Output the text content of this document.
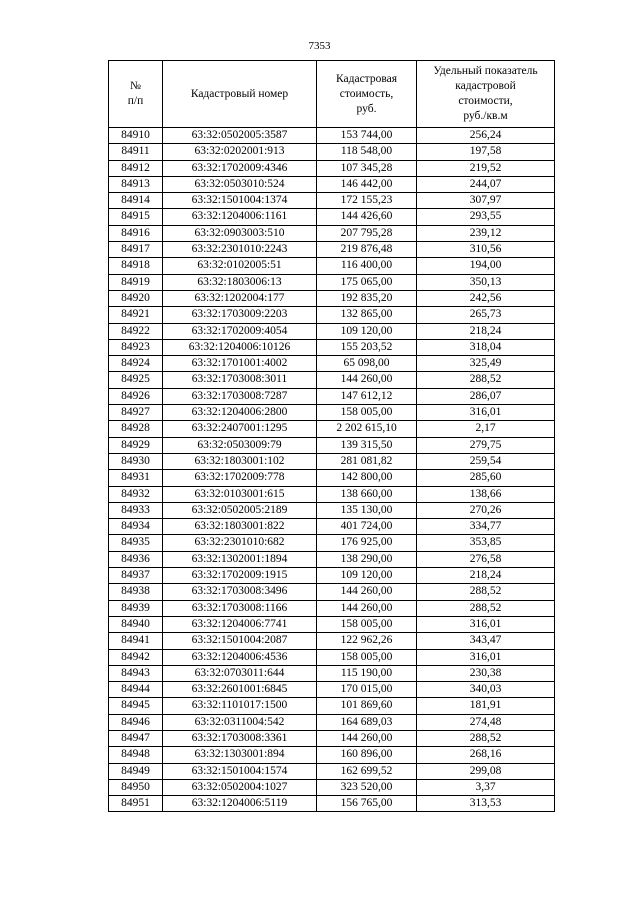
7353
№
п/п	Кадастровый номер	Кадастровая
стоимость,
руб.	Удельный показатель
кадастровой
стоимости,
руб./кв.м
84910	63:32:0502005:3587	153 744,00	256,24
84911	63:32:0202001:913	118 548,00	197,58
84912	63:32:1702009:4346	107 345,28	219,52
84913	63:32:0503010:524	146 442,00	244,07
84914	63:32:1501004:1374	172 155,23	307,97
84915	63:32:1204006:1161	144 426,60	293,55
84916	63:32:0903003:510	207 795,28	239,12
84917	63:32:2301010:2243	219 876,48	310,56
84918	63:32:0102005:51	116 400,00	194,00
84919	63:32:1803006:13	175 065,00	350,13
84920	63:32:1202004:177	192 835,20	242,56
84921	63:32:1703009:2203	132 865,00	265,73
84922	63:32:1702009:4054	109 120,00	218,24
84923	63:32:1204006:10126	155 203,52	318,04
84924	63:32:1701001:4002	65 098,00	325,49
84925	63:32:1703008:3011	144 260,00	288,52
84926	63:32:1703008:7287	147 612,12	286,07
84927	63:32:1204006:2800	158 005,00	316,01
84928	63:32:2407001:1295	2 202 615,10	2,17
84929	63:32:0503009:79	139 315,50	279,75
84930	63:32:1803001:102	281 081,82	259,54
84931	63:32:1702009:778	142 800,00	285,60
84932	63:32:0103001:615	138 660,00	138,66
84933	63:32:0502005:2189	135 130,00	270,26
84934	63:32:1803001:822	401 724,00	334,77
84935	63:32:2301010:682	176 925,00	353,85
84936	63:32:1302001:1894	138 290,00	276,58
84937	63:32:1702009:1915	109 120,00	218,24
84938	63:32:1703008:3496	144 260,00	288,52
84939	63:32:1703008:1166	144 260,00	288,52
84940	63:32:1204006:7741	158 005,00	316,01
84941	63:32:1501004:2087	122 962,26	343,47
84942	63:32:1204006:4536	158 005,00	316,01
84943	63:32:0703011:644	115 190,00	230,38
84944	63:32:2601001:6845	170 015,00	340,03
84945	63:32:1101017:1500	101 869,60	181,91
84946	63:32:0311004:542	164 689,03	274,48
84947	63:32:1703008:3361	144 260,00	288,52
84948	63:32:1303001:894	160 896,00	268,16
84949	63:32:1501004:1574	162 699,52	299,08
84950	63:32:0502004:1027	323 520,00	3,37
84951	63:32:1204006:5119	156 765,00	313,53
